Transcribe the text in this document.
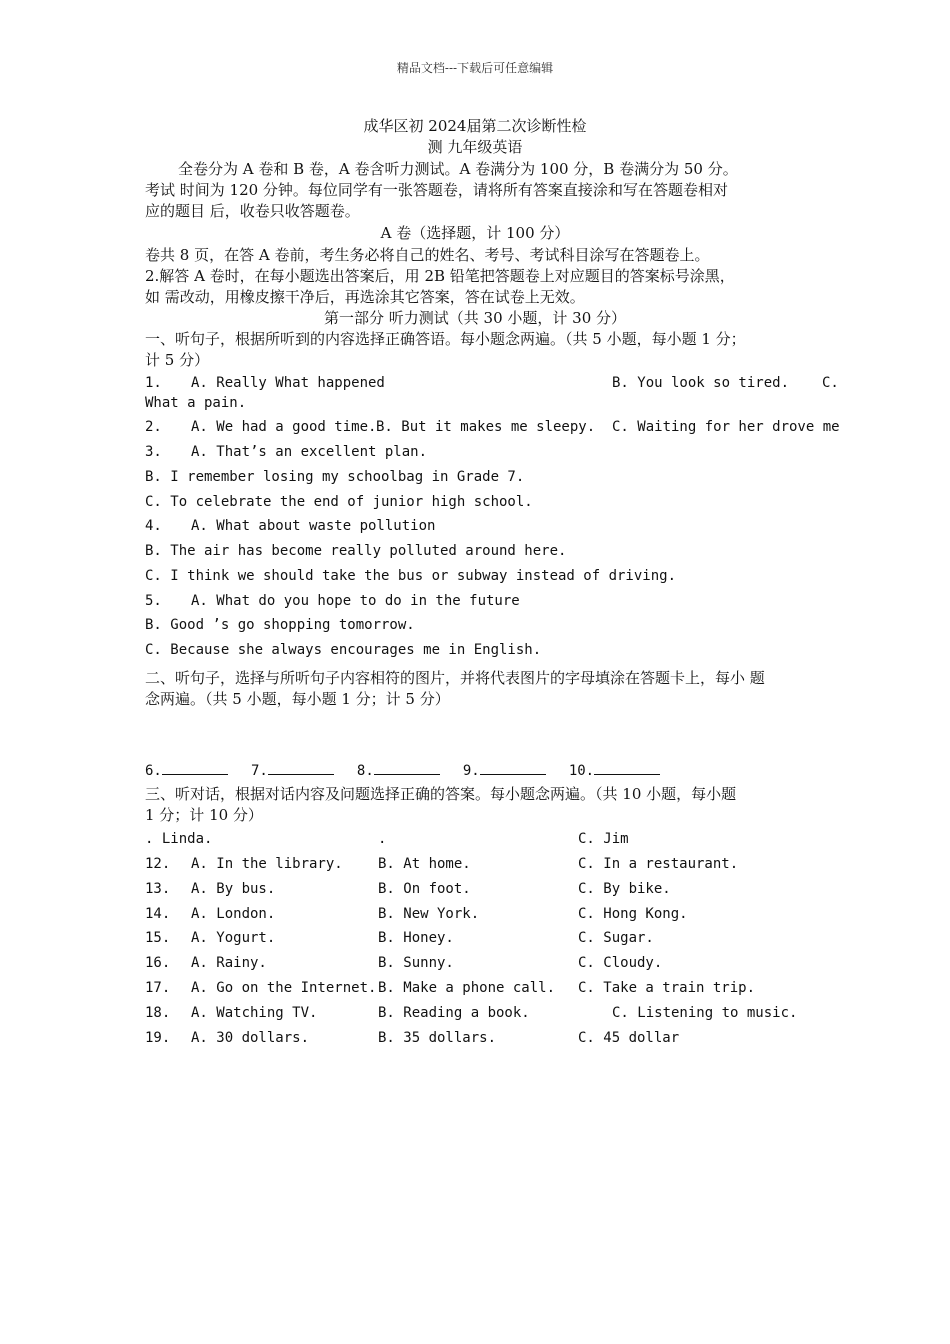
精品文档---下载后可任意编辑
成华区初 2024届第二次诊断性检
测 九年级英语
全卷分为 A 卷和 B 卷，A 卷含听力测试。A 卷满分为 100 分，B 卷满分为 50 分。
考试 时间为 120 分钟。每位同学有一张答题卷，请将所有答案直接涂和写在答题卷相对
应的题目 后，收卷只收答题卷。
A 卷（选择题，计 100 分）
卷共 8 页，在答 A 卷前，考生务必将自己的姓名、考号、考试科目涂写在答题卷上。
2.解答 A 卷时，在每小题选出答案后，用 2B 铅笔把答题卷上对应题目的答案标号涂黑，
如 需改动，用橡皮擦干净后，再选涂其它答案，答在试卷上无效。
第一部分 听力测试（共 30 小题，计 30 分）
一、听句子，根据所听到的内容选择正确答语。每小题念两遍。（共 5 小题，每小题 1 分；
计 5 分）
1. A. Really What happened	B. You look so tired. C.
What a pain.
2. A. We had a good time. B. But it makes me sleepy. C. Waiting for her drove me
3. A. That’s an excellent plan.
B. I remember losing my schoolbag in Grade 7.
C. To celebrate the end of junior high school.
4. A. What about waste pollution
B. The air has become really polluted around here.
C. I think we should take the bus or subway instead of driving.
5. A. What do you hope to do in the future
B. Good ’s go shopping tomorrow.
C. Because she always encourages me in English.
二、听句子，选择与所听句子内容相符的图片，并将代表图片的字母填涂在答题卡上，每小 题
念两遍。（共 5 小题，每小题 1 分；计 5 分）
6.	7.	8.	9.	10.
三、听对话，根据对话内容及问题选择正确的答案。每小题念两遍。（共 10 小题，每小题
1 分；计 10 分）
. Linda.	.	C. Jim
12. A. In the library.	B. At home.	C. In a restaurant.
13. A. By bus.	B. On foot.	C. By bike.
14. A. London.	B. New York.	C. Hong Kong.
15. A. Yogurt.	B. Honey.	C. Sugar.
16. A. Rainy.	B. Sunny.	C. Cloudy.
17. A. Go on the Internet. B. Make a phone call. C. Take a train trip.
18. A. Watching TV.	B. Reading a book.	C. Listening to music.
19. A. 30 dollars.	B. 35 dollars.	C. 45 dollar
